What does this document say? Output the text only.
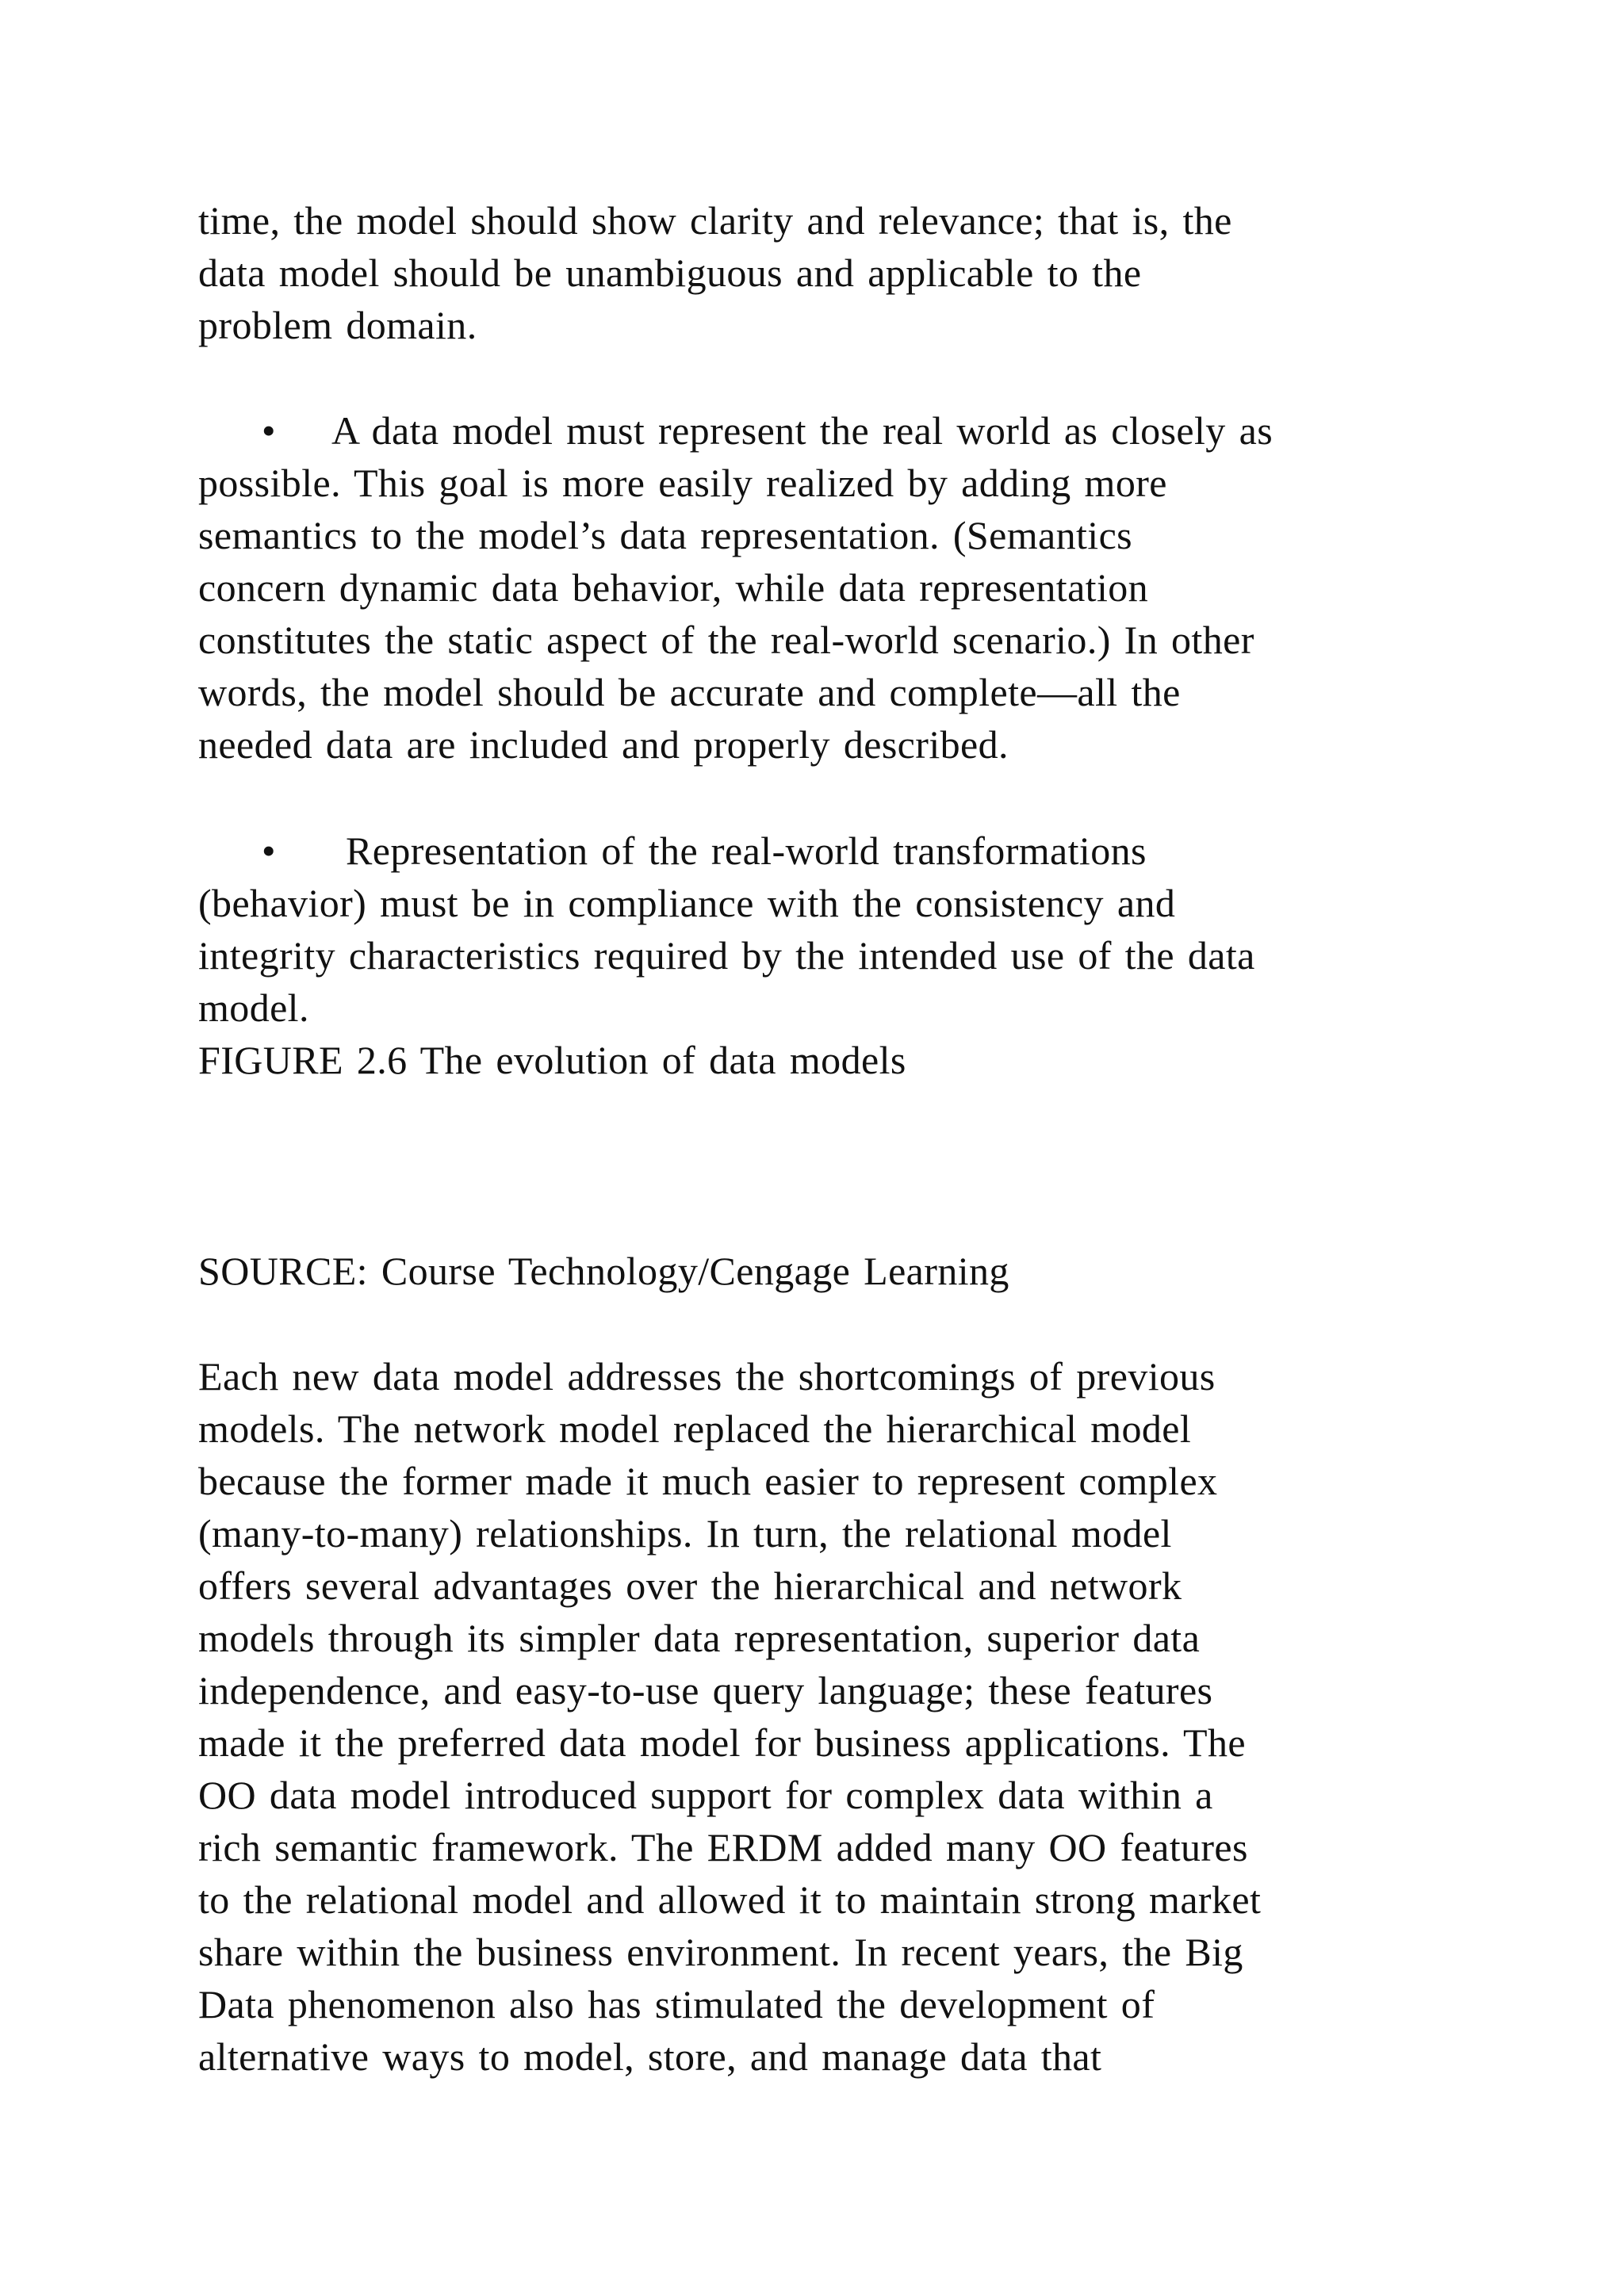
time, the model should show clarity and relevance; that is, the

data model should be unambiguous and applicable to the

problem domain.

• A data model must represent the real world as closely as

possible. This goal is more easily realized by adding more

semantics to the model’s data representation. (Semantics

concern dynamic data behavior, while data representation

constitutes the static aspect of the real-world scenario.) In other

words, the model should be accurate and complete—all the

needed data are included and properly described.

• Representation of the real-world transformations

(behavior) must be in compliance with the consistency and

integrity characteristics required by the intended use of the data

model.

FIGURE 2.6 The evolution of data models

SOURCE: Course Technology/Cengage Learning

Each new data model addresses the shortcomings of previous

models. The network model replaced the hierarchical model

because the former made it much easier to represent complex

(many-to-many) relationships. In turn, the relational model

offers several advantages over the hierarchical and network

models through its simpler data representation, superior data

independence, and easy-to-use query language; these features

made it the preferred data model for business applications. The

OO data model introduced support for complex data within a

rich semantic framework. The ERDM added many OO features

to the relational model and allowed it to maintain strong market

share within the business environment. In recent years, the Big

Data phenomenon also has stimulated the development of

alternative ways to model, store, and manage data that
